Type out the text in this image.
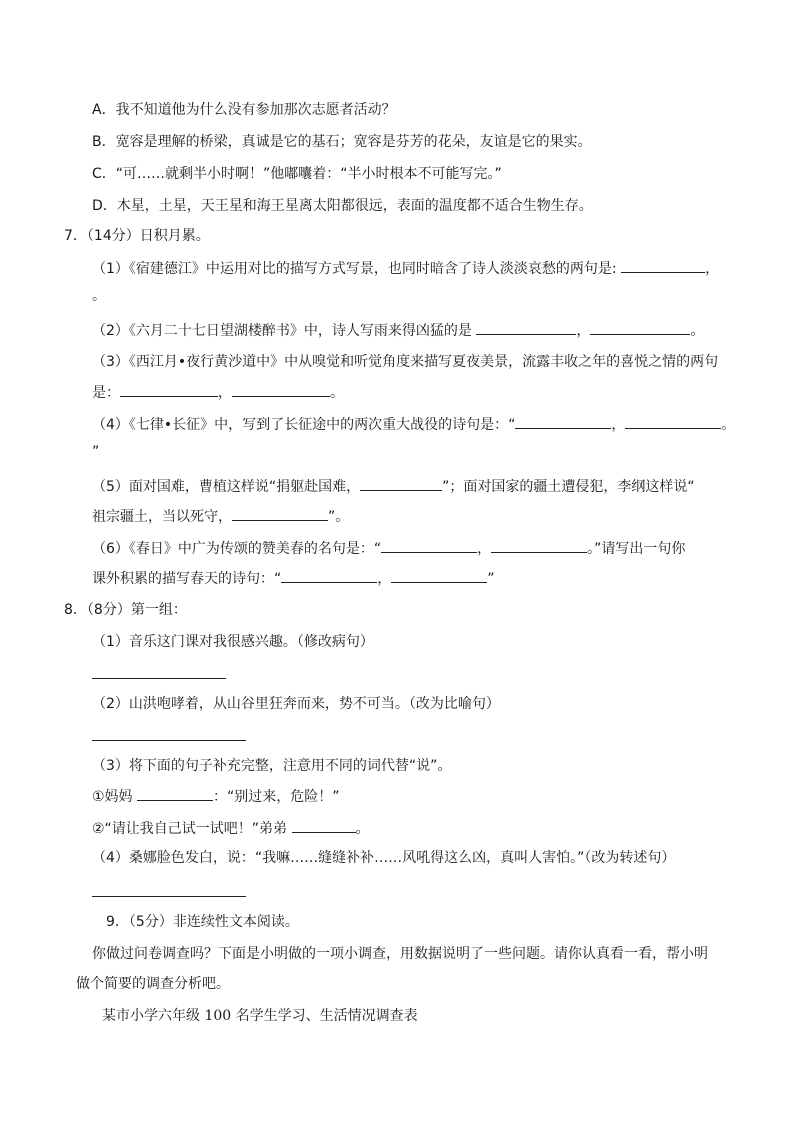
A．我不知道他为什么没有参加那次志愿者活动？
B．宽容是理解的桥梁，真诚是它的基石；宽容是芬芳的花朵，友谊是它的果实。
C．“可……就剩半小时啊！”他嘟囔着：“半小时根本不可能写完。”
D．木星，土星，天王星和海王星离太阳都很远，表面的温度都不适合生物生存。
7．（14分）日积月累。
（1）《宿建德江》中运用对比的描写方式写景，也同时暗含了诗人淡淡哀愁的两句是:	，
。
（2）《六月二十七日望湖楼醉书》中，诗人写雨来得凶猛的是	，	。
（3）《西江月•夜行黄沙道中》中从嗅觉和听觉角度来描写夏夜美景，流露丰收之年的喜悦之情的两句
是：	，	。
（4）《七律•长征》中，写到了长征途中的两次重大战役的诗句是：“	，	。
”
（5）面对国难，曹植这样说“捐躯赴国难，	”；面对国家的疆土遭侵犯，李纲这样说“
祖宗疆土，当以死守，	”。
（6）《春日》中广为传颂的赞美春的名句是：“	，	。”请写出一句你
课外积累的描写春天的诗句：“	，	”
8．（8分）第一组：
（1）音乐这门课对我很感兴趣。（修改病句）
（2）山洪咆哮着，从山谷里狂奔而来，势不可当。（改为比喻句）
（3）将下面的句子补充完整，注意用不同的词代替“说”。
①妈妈	：“别过来，危险！”
②“请让我自己试一试吧！”弟弟	。
（4）桑娜脸色发白，说：“我嘛……缝缝补补……风吼得这么凶，真叫人害怕。”（改为转述句）
9．（5分）非连续性文本阅读。
你做过问卷调查吗？下面是小明做的一项小调查，用数据说明了一些问题。请你认真看一看，帮小明
做个简要的调查分析吧。
某市小学六年级 100 名学生学习、生活情况调查表
